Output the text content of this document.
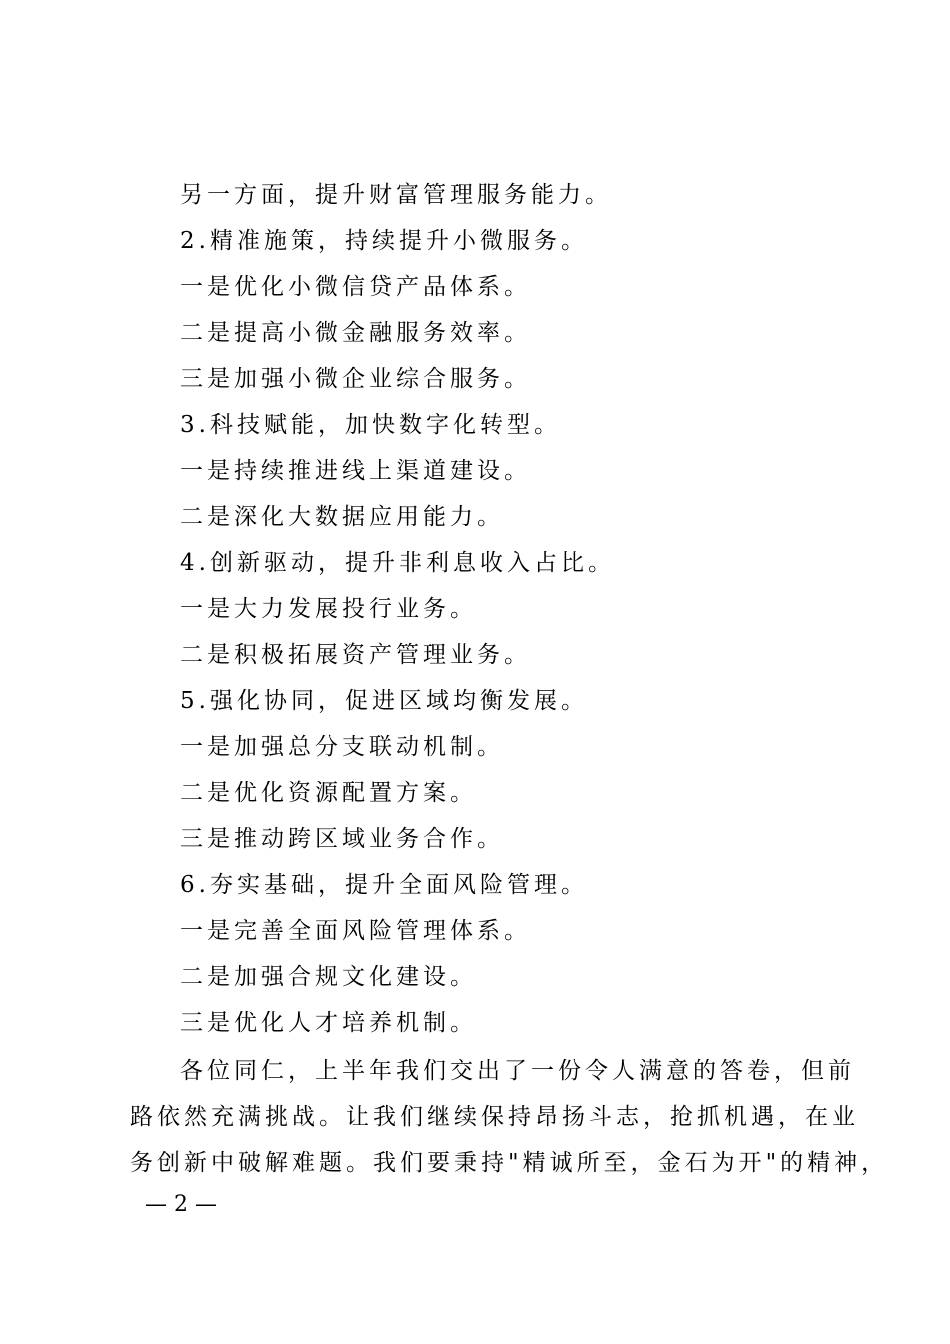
另一方面，提升财富管理服务能力。
2.精准施策，持续提升小微服务。
一是优化小微信贷产品体系。
二是提高小微金融服务效率。
三是加强小微企业综合服务。
3.科技赋能，加快数字化转型。
一是持续推进线上渠道建设。
二是深化大数据应用能力。
4.创新驱动，提升非利息收入占比。
一是大力发展投行业务。
二是积极拓展资产管理业务。
5.强化协同，促进区域均衡发展。
一是加强总分支联动机制。
二是优化资源配置方案。
三是推动跨区域业务合作。
6.夯实基础，提升全面风险管理。
一是完善全面风险管理体系。
二是加强合规文化建设。
三是优化人才培养机制。

各位同仁，上半年我们交出了一份令人满意的答卷，但前

路依然充满挑战。让我们继续保持昂扬斗志，抢抓机遇，在业

务创新中破解难题。我们要秉持"精诚所至，金石为开"的精神，

— 2 —
